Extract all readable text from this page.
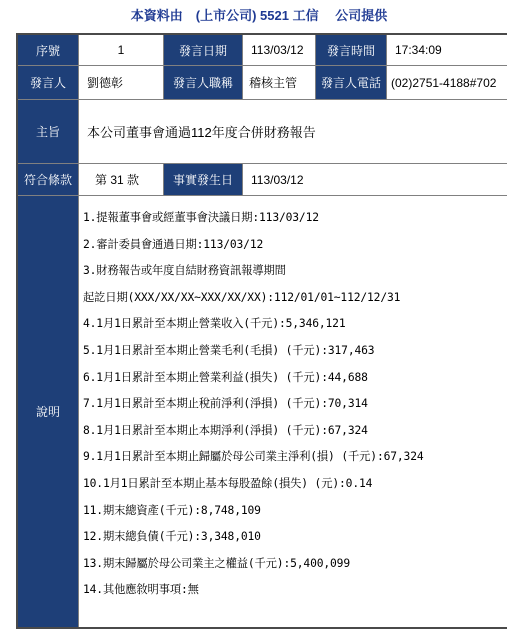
本資料由　(上市公司) 5521 工信　 公司提供
序號	1	發言日期	113/03/12	發言時間	17:34:09
發言人	劉德彰	發言人職稱	稽核主管	發言人電話 (02)2751-4188#702
主旨	本公司董事會通過112年度合併財務報告
符合條款	第 31 款	事實發生日	113/03/12
說明
1.提報董事會或經董事會決議日期:113/03/12
2.審計委員會通過日期:113/03/12
3.財務報告或年度自結財務資訊報導期間
起訖日期(XXX/XX/XX~XXX/XX/XX):112/01/01~112/12/31
4.1月1日累計至本期止營業收入(千元):5,346,121
5.1月1日累計至本期止營業毛利(毛損) (千元):317,463
6.1月1日累計至本期止營業利益(損失) (千元):44,688
7.1月1日累計至本期止稅前淨利(淨損) (千元):70,314
8.1月1日累計至本期止本期淨利(淨損) (千元):67,324
9.1月1日累計至本期止歸屬於母公司業主淨利(損) (千元):67,324
10.1月1日累計至本期止基本每股盈餘(損失) (元):0.14
11.期末總資產(千元):8,748,109
12.期末總負債(千元):3,348,010
13.期末歸屬於母公司業主之權益(千元):5,400,099
14.其他應敘明事項:無
